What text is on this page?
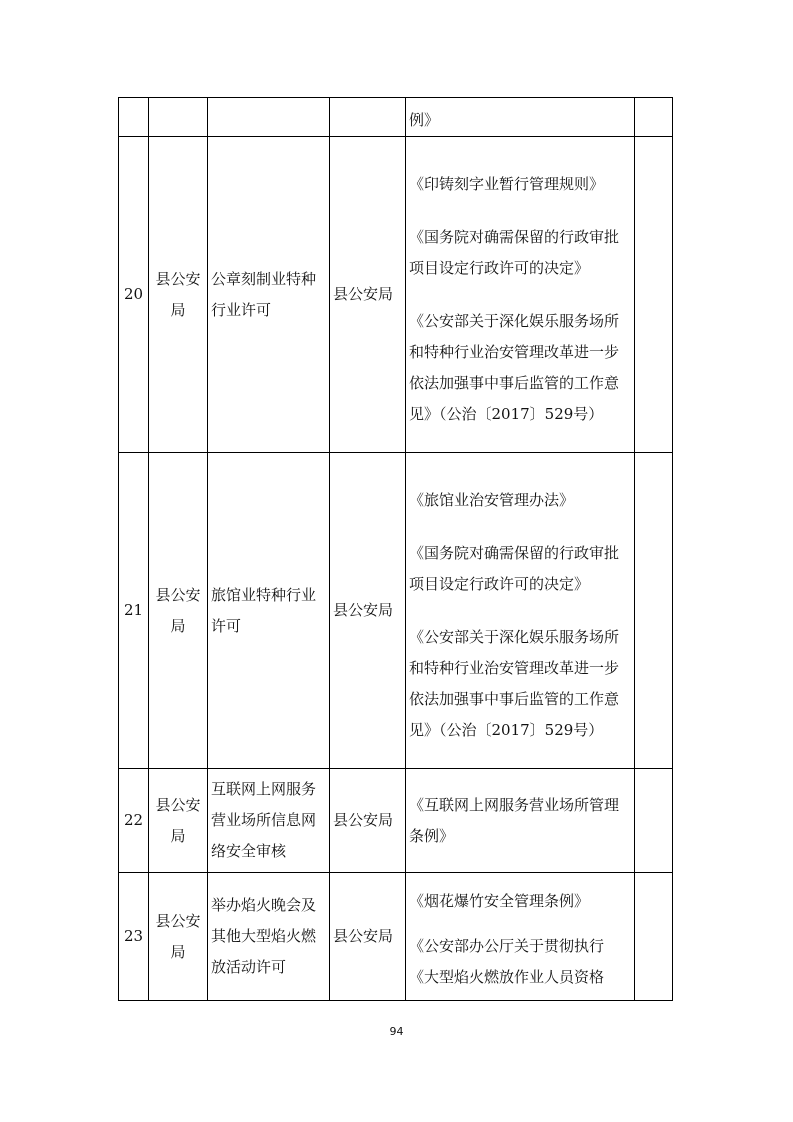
				例》	

20	县公安局	公章刻制业特种行业许可	县公安局	《印铸刻字业暂行管理规则》
《国务院对确需保留的行政审批项目设定行政许可的决定》
《公安部关于深化娱乐服务场所和特种行业治安管理改革进一步依法加强事中事后监管的工作意见》（公治〔2017〕529号）	

21	县公安局	旅馆业特种行业许可	县公安局	《旅馆业治安管理办法》
《国务院对确需保留的行政审批项目设定行政许可的决定》
《公安部关于深化娱乐服务场所和特种行业治安管理改革进一步依法加强事中事后监管的工作意见》（公治〔2017〕529号）	

22	县公安局	互联网上网服务营业场所信息网络安全审核	县公安局	《互联网上网服务营业场所管理条例》	

23	县公安局	举办焰火晚会及其他大型焰火燃放活动许可	县公安局	《烟花爆竹安全管理条例》
《公安部办公厅关于贯彻执行《大型焰火燃放作业人员资格	

94
